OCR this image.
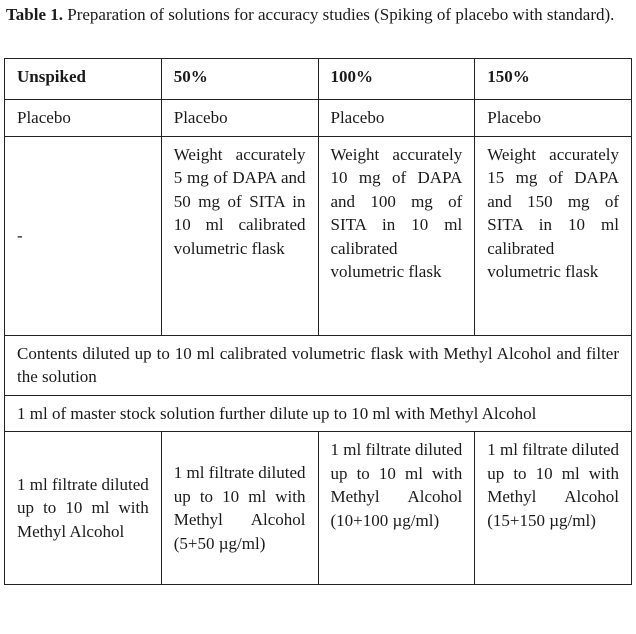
Table 1. Preparation of solutions for accuracy studies (Spiking of placebo with standard).
Unspiked	50%	100%	150%
Placebo	Placebo	Placebo	Placebo
-	Weight accurately 5 mg of DAPA and 50 mg of SITA in 10 ml calibrated volumetric flask	Weight accurately 10 mg of DAPA and 100 mg of SITA in 10 ml calibrated volumetric flask	Weight accurately 15 mg of DAPA and 150 mg of SITA in 10 ml calibrated volumetric flask
Contents diluted up to 10 ml calibrated volumetric flask with Methyl Alcohol and filter the solution			
1 ml of master stock solution further dilute up to 10 ml with Methyl Alcohol			
1 ml filtrate diluted up to 10 ml with Methyl Alcohol	1 ml filtrate diluted up to 10 ml with Methyl Alcohol (5+50 µg/ml)	1 ml filtrate diluted up to 10 ml with Methyl Alcohol (10+100 µg/ml)	1 ml filtrate diluted up to 10 ml with Methyl Alcohol (15+150 µg/ml)
